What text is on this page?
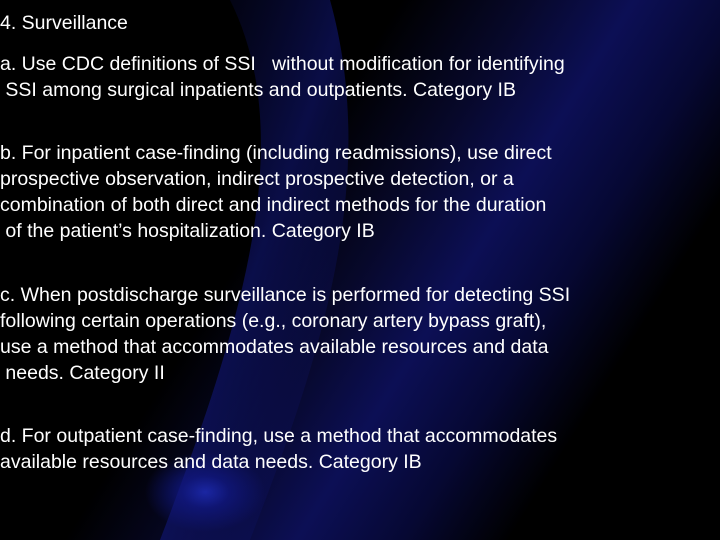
4. Surveillance
a. Use CDC definitions of SSI   without modification for identifying
SSI among surgical inpatients and outpatients. Category IB
b. For inpatient case-finding (including readmissions), use direct
prospective observation, indirect prospective detection, or a
combination of both direct and indirect methods for the duration
of the patient’s hospitalization. Category IB
c. When postdischarge surveillance is performed for detecting SSI
following certain operations (e.g., coronary artery bypass graft),
use a method that accommodates available resources and data
needs. Category II
d. For outpatient case-finding, use a method that accommodates
available resources and data needs. Category IB
